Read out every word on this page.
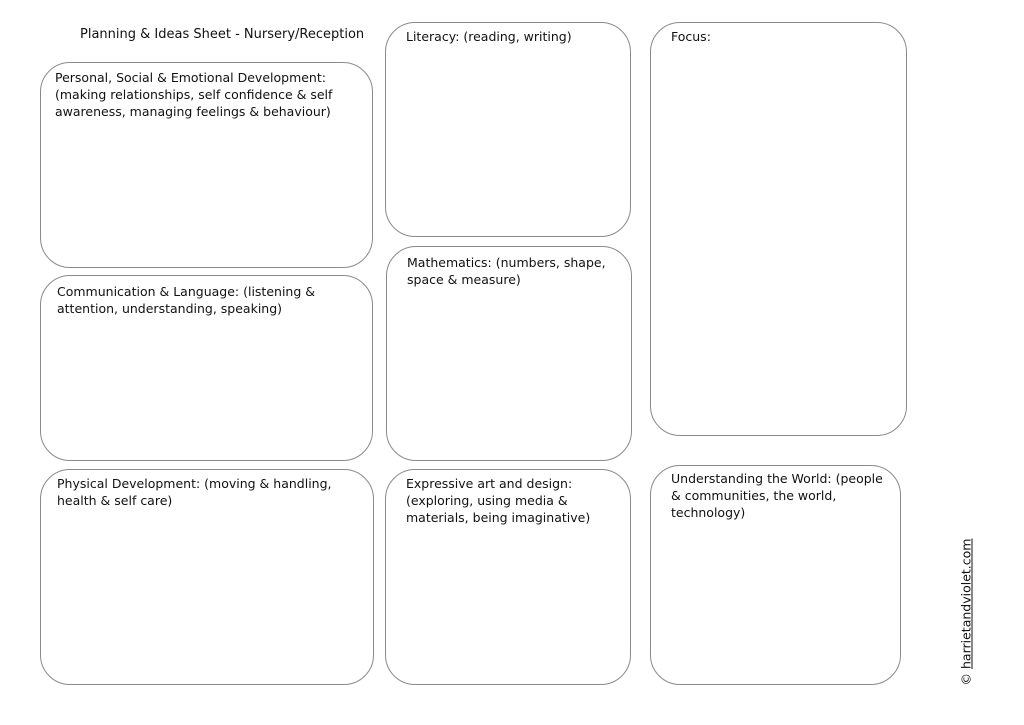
Planning & Ideas Sheet - Nursery/Reception
Personal, Social & Emotional Development:
(making relationships, self confidence & self
awareness, managing feelings & behaviour)
Communication & Language: (listening &
attention, understanding, speaking)
Physical Development: (moving & handling,
health & self care)
Literacy: (reading, writing)
Mathematics: (numbers, shape,
space & measure)
Expressive art and design:
(exploring, using media &
materials, being imaginative)
Focus:
Understanding the World: (people
& communities, the world,
technology)
© harrietandviolet.com
